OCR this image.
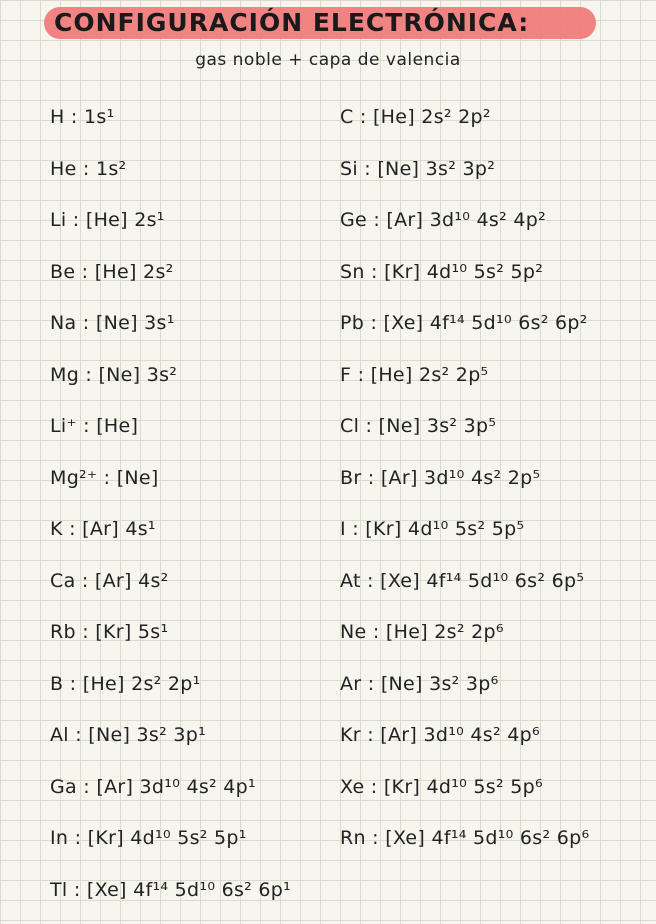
CONFIGURACIÓN ELECTRÓNICA:
gas noble + capa de valencia
H : 1s¹
He : 1s²
Li : [He] 2s¹
Be : [He] 2s²
Na : [Ne] 3s¹
Mg : [Ne] 3s²
Li⁺ : [He]
Mg²⁺ : [Ne]
K : [Ar] 4s¹
Ca : [Ar] 4s²
Rb : [Kr] 5s¹
B : [He] 2s² 2p¹
Al : [Ne] 3s² 3p¹
Ga : [Ar] 3d¹⁰ 4s² 4p¹
In : [Kr] 4d¹⁰ 5s² 5p¹
Tl : [Xe] 4f¹⁴ 5d¹⁰ 6s² 6p¹
C : [He] 2s² 2p²
Si : [Ne] 3s² 3p²
Ge : [Ar] 3d¹⁰ 4s² 4p²
Sn : [Kr] 4d¹⁰ 5s² 5p²
Pb : [Xe] 4f¹⁴ 5d¹⁰ 6s² 6p²
F : [He] 2s² 2p⁵
Cl : [Ne] 3s² 3p⁵
Br : [Ar] 3d¹⁰ 4s² 2p⁵
I : [Kr] 4d¹⁰ 5s² 5p⁵
At : [Xe] 4f¹⁴ 5d¹⁰ 6s² 6p⁵
Ne : [He] 2s² 2p⁶
Ar : [Ne] 3s² 3p⁶
Kr : [Ar] 3d¹⁰ 4s² 4p⁶
Xe : [Kr] 4d¹⁰ 5s² 5p⁶
Rn : [Xe] 4f¹⁴ 5d¹⁰ 6s² 6p⁶
